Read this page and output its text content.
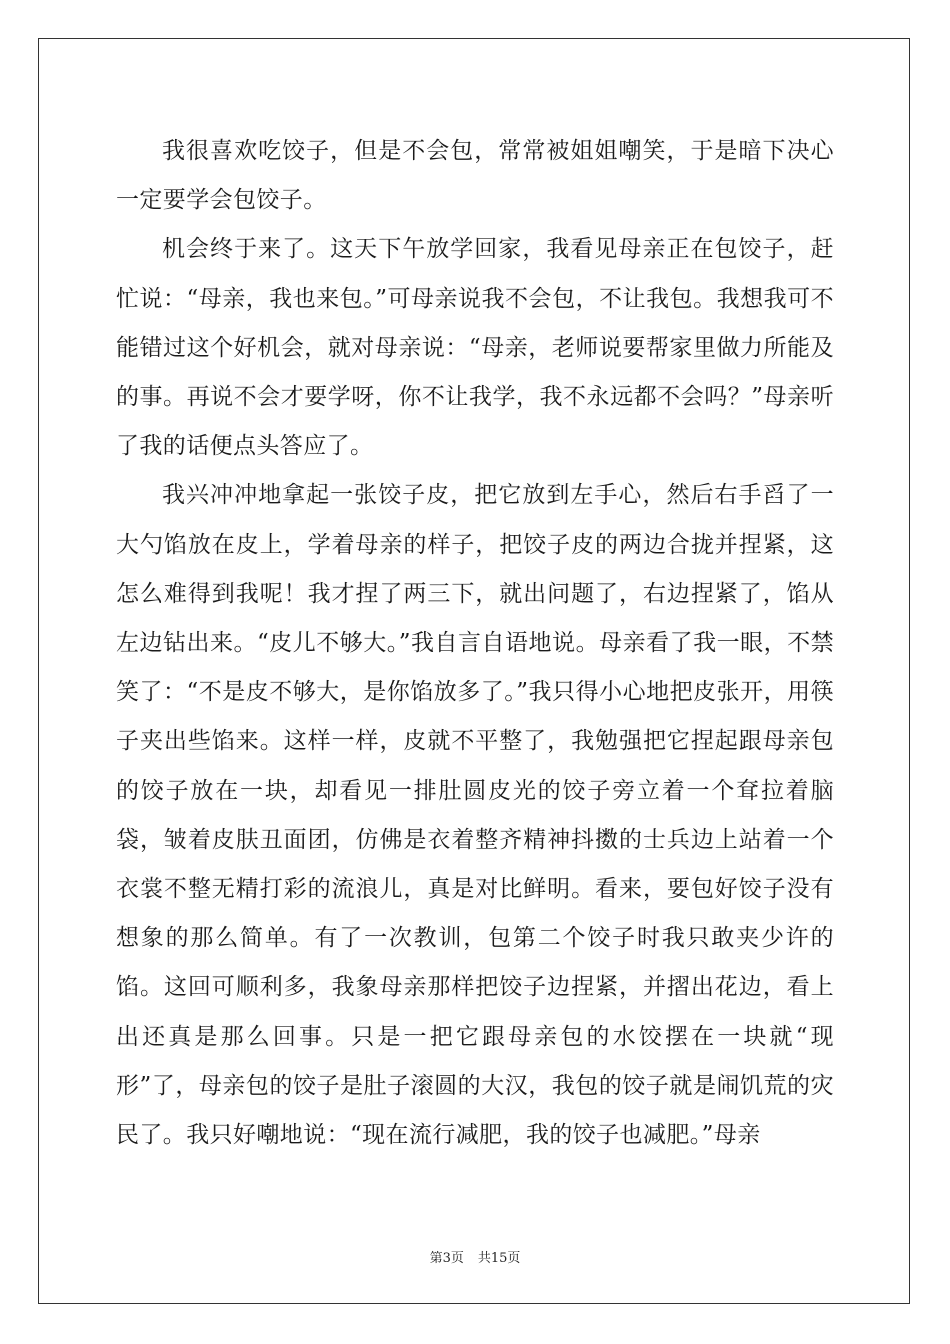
我很喜欢吃饺子，但是不会包，常常被姐姐嘲笑，于是暗下决心一定要学会包饺子。

机会终于来了。这天下午放学回家，我看见母亲正在包饺子，赶忙说：“母亲，我也来包。”可母亲说我不会包，不让我包。我想我可不能错过这个好机会，就对母亲说：“母亲，老师说要帮家里做力所能及的事。再说不会才要学呀，你不让我学，我不永远都不会吗？”母亲听了我的话便点头答应了。

我兴冲冲地拿起一张饺子皮，把它放到左手心，然后右手舀了一大勺馅放在皮上，学着母亲的样子，把饺子皮的两边合拢并捏紧，这怎么难得到我呢！我才捏了两三下，就出问题了，右边捏紧了，馅从左边钻出来。“皮儿不够大。”我自言自语地说。母亲看了我一眼，不禁笑了：“不是皮不够大，是你馅放多了。”我只得小心地把皮张开，用筷子夹出些馅来。这样一样，皮就不平整了，我勉强把它捏起跟母亲包的饺子放在一块，却看见一排肚圆皮光的饺子旁立着一个耷拉着脑袋，皱着皮肤丑面团，仿佛是衣着整齐精神抖擞的士兵边上站着一个衣裳不整无精打彩的流浪儿，真是对比鲜明。看来，要包好饺子没有想象的那么简单。有了一次教训，包第二个饺子时我只敢夹少许的馅。这回可顺利多，我象母亲那样把饺子边捏紧，并摺出花边，看上出还真是那么回事。只是一把它跟母亲包的水饺摆在一块就“现形”了，母亲包的饺子是肚子滚圆的大汉，我包的饺子就是闹饥荒的灾民了。我只好嘲地说：“现在流行减肥，我的饺子也减肥。”母亲

第3页 共15页
